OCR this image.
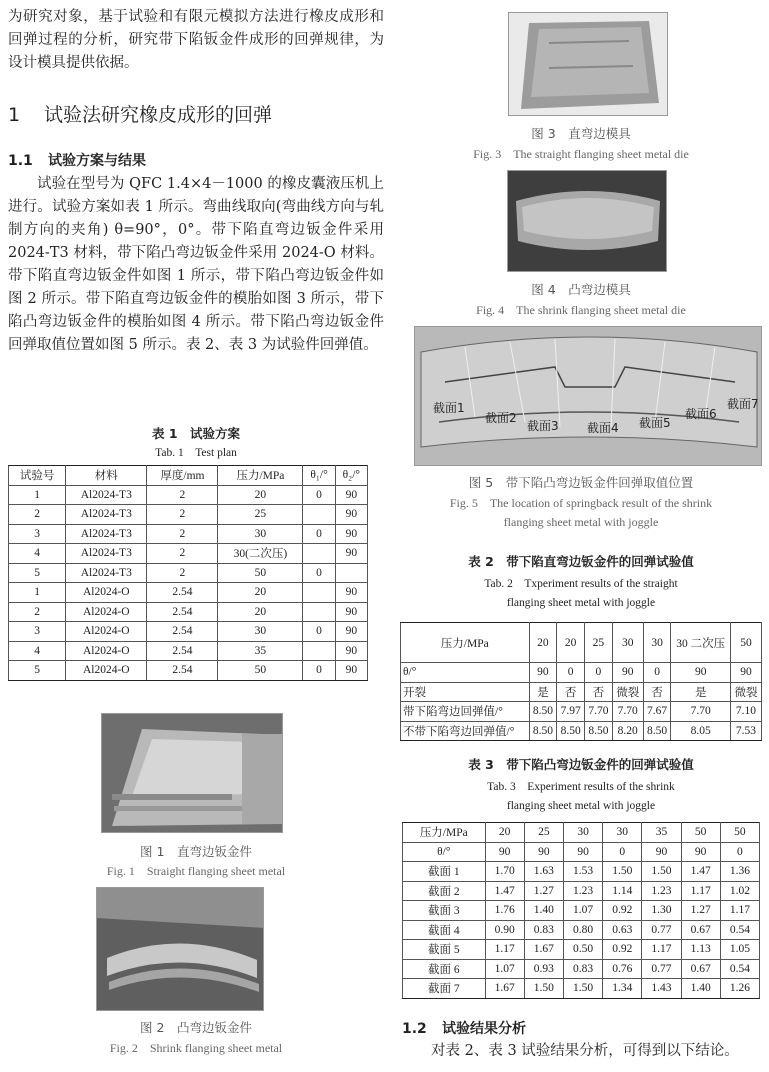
为研究对象，基于试验和有限元模拟方法进行橡皮成形和回弹过程的分析，研究带下陷钣金件成形的回弹规律，为设计模具提供依据。

1 试验法研究橡皮成形的回弹
1.1 试验方案与结果

试验在型号为 QFC 1.4×4－1000 的橡皮囊液压机上进行。试验方案如表 1 所示。弯曲线取向(弯曲线方向与轧制方向的夹角) θ=90°，0°。带下陷直弯边钣金件采用 2024-T3 材料，带下陷凸弯边钣金件采用 2024-O 材料。带下陷直弯边钣金件如图 1 所示，带下陷凸弯边钣金件如图 2 所示。带下陷直弯边钣金件的模胎如图 3 所示，带下陷凸弯边钣金件的模胎如图 4 所示。带下陷凸弯边钣金件回弹取值位置如图 5 所示。表 2、表 3 为试验件回弹值。

表 1　试验方案
Tab. 1　Test plan
试验号	材料	厚度/mm	压力/MPa	θ₁/°	θ₂/°
1	Al2024-T3	2	20	0	90
2	Al2024-T3	2	25		90
3	Al2024-T3	2	30	0	90
4	Al2024-T3	2	30(二次压)		90
5	Al2024-T3	2	50	0	
1	Al2024-O	2.54	20		90
2	Al2024-O	2.54	20		90
3	Al2024-O	2.54	30	0	90
4	Al2024-O	2.54	35		90
5	Al2024-O	2.54	50	0	90
图 1　直弯边钣金件
Fig. 1　Straight flanging sheet metal
图 2　凸弯边钣金件
Fig. 2　Shrink flanging sheet metal
图 3　直弯边模具
Fig. 3　The straight flanging sheet metal die
图 4　凸弯边模具
Fig. 4　The shrink flanging sheet metal die
截面1
截面2
截面3 截面4 截面5
截面6
截面7
图 5　带下陷凸弯边钣金件回弹取值位置
Fig. 5　The location of springback result of the shrink
flanging sheet metal with joggle
表 2　带下陷直弯边钣金件的回弹试验值
Tab. 2　Txperiment results of the straight
flanging sheet metal with joggle
压力/MPa	20	20	25	30	30	30 二次压	50
θ/°	90	0	0	90	0	90	90
开裂	是	否	否	微裂	否	是	微裂
带下陷弯边回弹值/°	8.50	7.97	7.70	7.70	7.67	7.70	7.10
不带下陷弯边回弹值/°	8.50	8.50	8.50	8.20	8.50	8.05	7.53
表 3　带下陷凸弯边钣金件的回弹试验值
Tab. 3　Experiment results of the shrink
flanging sheet metal with joggle
压力/MPa	20	25	30	30	35	50	50
θ/°	90	90	90	0	90	90	0
截面 1	1.70	1.63	1.53	1.50	1.50	1.47	1.36
截面 2	1.47	1.27	1.23	1.14	1.23	1.17	1.02
截面 3	1.76	1.40	1.07	0.92	1.30	1.27	1.17
截面 4	0.90	0.83	0.80	0.63	0.77	0.67	0.54
截面 5	1.17	1.67	0.50	0.92	1.17	1.13	1.05
截面 6	1.07	0.93	0.83	0.76	0.77	0.67	0.54
截面 7	1.67	1.50	1.50	1.34	1.43	1.40	1.26
1.2 试验结果分析

对表 2、表 3 试验结果分析，可得到以下结论。
